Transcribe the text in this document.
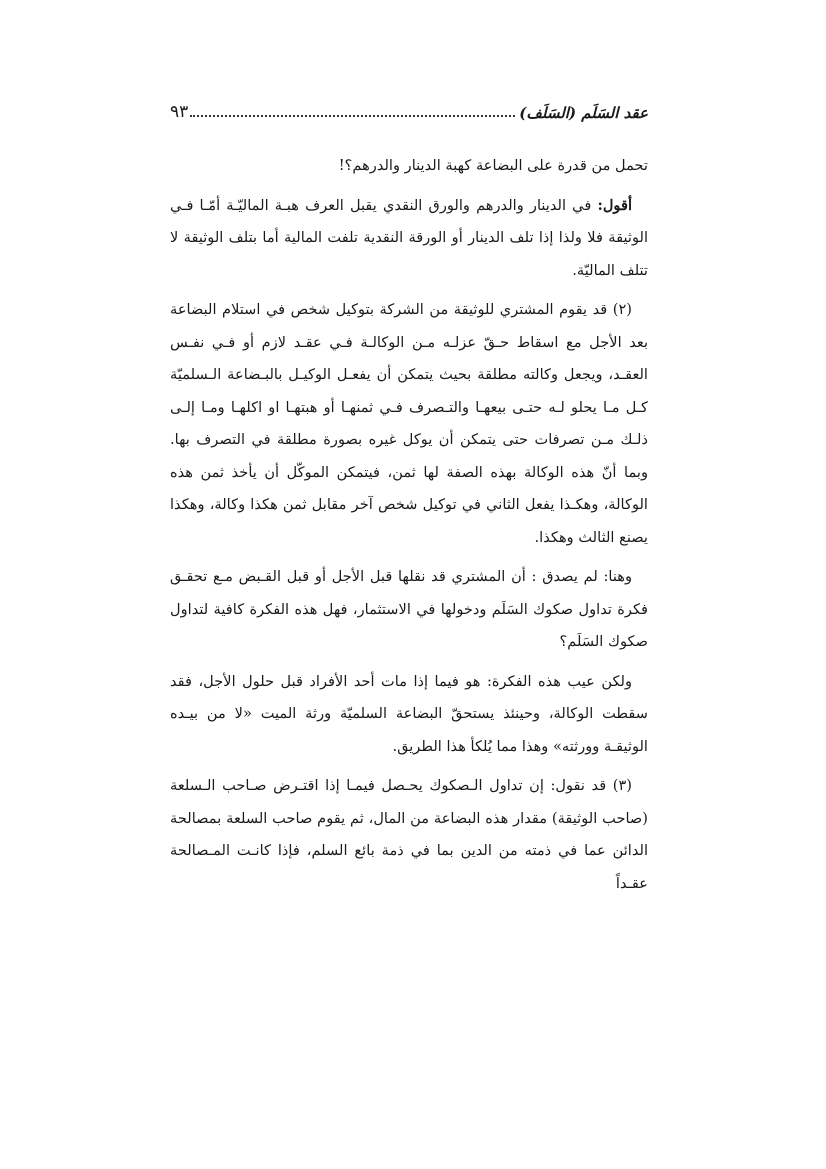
عقد السَلَم (السَلَف)
٩٣

تحمل من قدرة على البضاعة كهبة الدينار والدرهم؟!

أقول: في الدينار والدرهم والورق النقدي يقبل العرف هبـة الماليّـة أمّـا فـي الوثيقة فلا ولذا إذا تلف الدينار أو الورقة النقدية تلفت المالية أما بتلف الوثيقة لا تتلف الماليّة.

(٢) قد يقوم المشتري للوثيقة من الشركة بتوكيل شخص في استلام البضاعة بعد الأجل مع اسقاط حـقّ عزلـه مـن الوكالـة فـي عقـد لازم أو فـي نفـس العقـد، ويجعل وكالته مطلقة بحيث يتمكن أن يفعـل الوكيـل بالبـضاعة الـسلميّة كـل مـا يحلو لـه حتـى بيعهـا والتـصرف فـي ثمنهـا أو هبتهـا او اكلهـا ومـا إلـى ذلـك مـن تصرفات حتى يتمكن أن يوكل غيره بصورة مطلقة في التصرف بها. وبما أنّ هذه الوكالة بهذه الصفة لها ثمن، فيتمكن الموكّل أن يأخذ ثمن هذه الوكالة، وهكـذا يفعل الثاني في توكيل شخص آخر مقابل ثمن هكذا وكالة، وهكذا يصنع الثالث وهكذا.

وهنا: لم يصدق : أن المشتري قد نقلها قبل الأجل أو قبل القـبض مـع تحقـق فكرة تداول صكوك السَلَم ودخولها في الاستثمار، فهل هذه الفكرة كافية لتداول صكوك السَلَم؟

ولكن عيب هذه الفكرة: هو فيما إذا مات أحد الأفراد قبل حلول الأجل، فقد سقطت الوكالة، وحينئذ يستحقّ البضاعة السلميّة ورثة الميت «لا من بيـده الوثيقـة وورثته» وهذا مما يُلكأ هذا الطريق.

(٣) قد نقول: إن تداول الـصكوك يحـصل فيمـا إذا اقتـرض صـاحب الـسلعة (صاحب الوثيقة) مقدار هذه البضاعة من المال، ثم يقوم صاحب السلعة بمصالحة الدائن عما في ذمته من الدين بما في ذمة بائع السلم، فإذا كانـت المـصالحة عقـداً
